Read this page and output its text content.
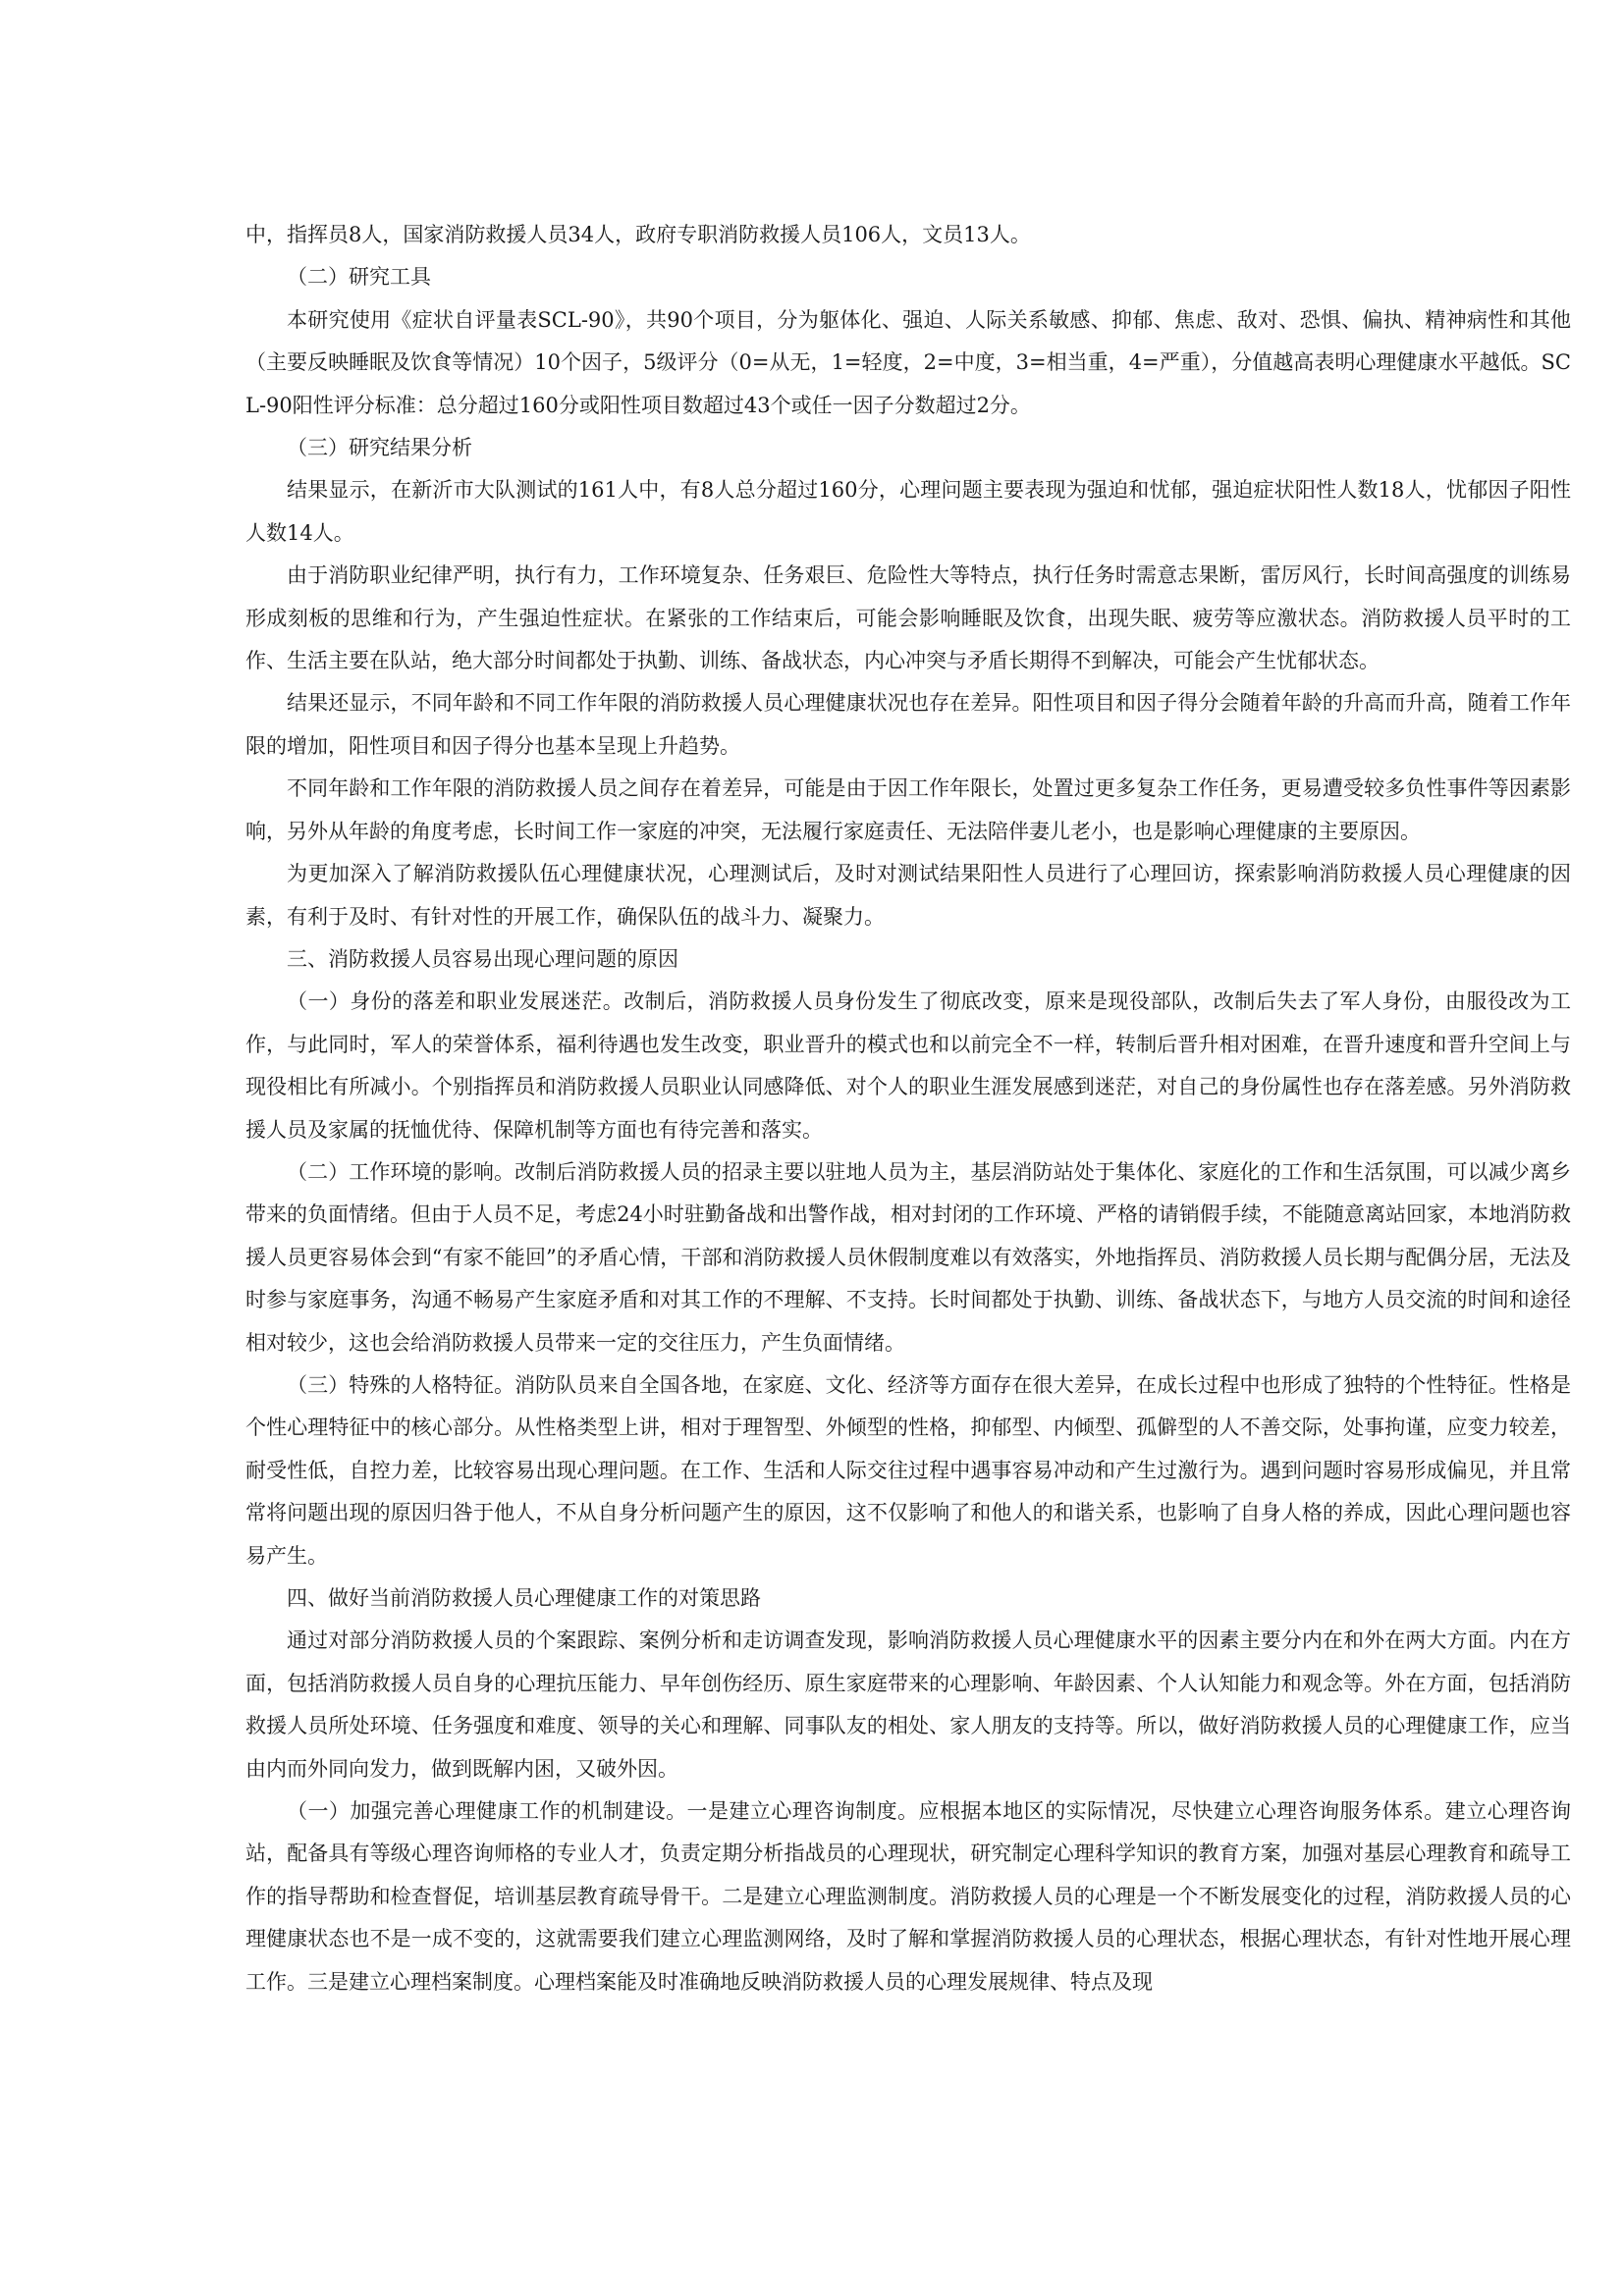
中，指挥员8人，国家消防救援人员34人，政府专职消防救援人员106人，文员13人。

（二）研究工具

本研究使用《症状自评量表SCL-90》，共90个项目，分为躯体化、强迫、人际关系敏感、抑郁、焦虑、敌对、恐惧、偏执、精神病性和其他（主要反映睡眠及饮食等情况）10个因子，5级评分（0=从无，1=轻度，2=中度，3=相当重，4=严重），分值越高表明心理健康水平越低。SCL-90阳性评分标准：总分超过160分或阳性项目数超过43个或任一因子分数超过2分。

（三）研究结果分析

结果显示，在新沂市大队测试的161人中，有8人总分超过160分，心理问题主要表现为强迫和忧郁，强迫症状阳性人数18人，忧郁因子阳性人数14人。

由于消防职业纪律严明，执行有力，工作环境复杂、任务艰巨、危险性大等特点，执行任务时需意志果断，雷厉风行，长时间高强度的训练易形成刻板的思维和行为，产生强迫性症状。在紧张的工作结束后，可能会影响睡眠及饮食，出现失眠、疲劳等应激状态。消防救援人员平时的工作、生活主要在队站，绝大部分时间都处于执勤、训练、备战状态，内心冲突与矛盾长期得不到解决，可能会产生忧郁状态。

结果还显示，不同年龄和不同工作年限的消防救援人员心理健康状况也存在差异。阳性项目和因子得分会随着年龄的升高而升高，随着工作年限的增加，阳性项目和因子得分也基本呈现上升趋势。

不同年龄和工作年限的消防救援人员之间存在着差异，可能是由于因工作年限长，处置过更多复杂工作任务，更易遭受较多负性事件等因素影响，另外从年龄的角度考虑，长时间工作一家庭的冲突，无法履行家庭责任、无法陪伴妻儿老小，也是影响心理健康的主要原因。

为更加深入了解消防救援队伍心理健康状况，心理测试后，及时对测试结果阳性人员进行了心理回访，探索影响消防救援人员心理健康的因素，有利于及时、有针对性的开展工作，确保队伍的战斗力、凝聚力。

三、消防救援人员容易出现心理问题的原因

（一）身份的落差和职业发展迷茫。改制后，消防救援人员身份发生了彻底改变，原来是现役部队，改制后失去了军人身份，由服役改为工作，与此同时，军人的荣誉体系，福利待遇也发生改变，职业晋升的模式也和以前完全不一样，转制后晋升相对困难，在晋升速度和晋升空间上与现役相比有所减小。个别指挥员和消防救援人员职业认同感降低、对个人的职业生涯发展感到迷茫，对自己的身份属性也存在落差感。另外消防救援人员及家属的抚恤优待、保障机制等方面也有待完善和落实。

（二）工作环境的影响。改制后消防救援人员的招录主要以驻地人员为主，基层消防站处于集体化、家庭化的工作和生活氛围，可以减少离乡带来的负面情绪。但由于人员不足，考虑24小时驻勤备战和出警作战，相对封闭的工作环境、严格的请销假手续，不能随意离站回家，本地消防救援人员更容易体会到“有家不能回”的矛盾心情，干部和消防救援人员休假制度难以有效落实，外地指挥员、消防救援人员长期与配偶分居，无法及时参与家庭事务，沟通不畅易产生家庭矛盾和对其工作的不理解、不支持。长时间都处于执勤、训练、备战状态下，与地方人员交流的时间和途径相对较少，这也会给消防救援人员带来一定的交往压力，产生负面情绪。

（三）特殊的人格特征。消防队员来自全国各地，在家庭、文化、经济等方面存在很大差异，在成长过程中也形成了独特的个性特征。性格是个性心理特征中的核心部分。从性格类型上讲，相对于理智型、外倾型的性格，抑郁型、内倾型、孤僻型的人不善交际，处事拘谨，应变力较差，耐受性低，自控力差，比较容易出现心理问题。在工作、生活和人际交往过程中遇事容易冲动和产生过激行为。遇到问题时容易形成偏见，并且常常将问题出现的原因归咎于他人，不从自身分析问题产生的原因，这不仅影响了和他人的和谐关系，也影响了自身人格的养成，因此心理问题也容易产生。

四、做好当前消防救援人员心理健康工作的对策思路

通过对部分消防救援人员的个案跟踪、案例分析和走访调查发现，影响消防救援人员心理健康水平的因素主要分内在和外在两大方面。内在方面，包括消防救援人员自身的心理抗压能力、早年创伤经历、原生家庭带来的心理影响、年龄因素、个人认知能力和观念等。外在方面，包括消防救援人员所处环境、任务强度和难度、领导的关心和理解、同事队友的相处、家人朋友的支持等。所以，做好消防救援人员的心理健康工作，应当由内而外同向发力，做到既解内困，又破外因。

（一）加强完善心理健康工作的机制建设。一是建立心理咨询制度。应根据本地区的实际情况，尽快建立心理咨询服务体系。建立心理咨询站，配备具有等级心理咨询师格的专业人才，负责定期分析指战员的心理现状，研究制定心理科学知识的教育方案，加强对基层心理教育和疏导工作的指导帮助和检查督促，培训基层教育疏导骨干。二是建立心理监测制度。消防救援人员的心理是一个不断发展变化的过程，消防救援人员的心理健康状态也不是一成不变的，这就需要我们建立心理监测网络，及时了解和掌握消防救援人员的心理状态，根据心理状态，有针对性地开展心理工作。三是建立心理档案制度。心理档案能及时准确地反映消防救援人员的心理发展规律、特点及现
